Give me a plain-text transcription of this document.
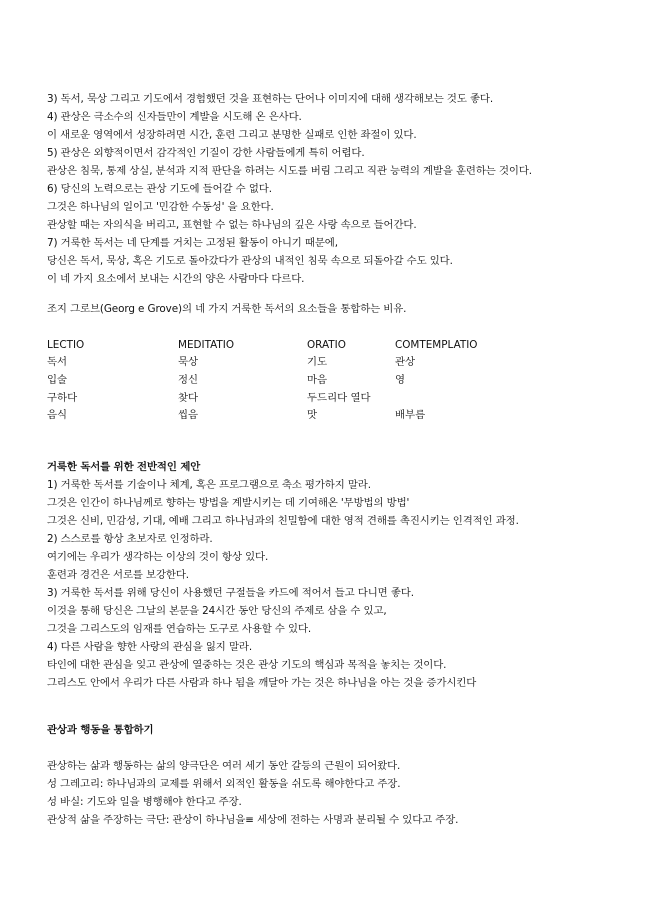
3) 독서, 묵상 그리고 기도에서 경험했던 것을 표현하는 단어나 이미지에 대해 생각해보는 것도 좋다.
4) 관상은 극소수의 신자들만이 계발을 시도해 온 은사다.
이 새로운 영역에서 성장하려면 시간, 훈련 그리고 분명한 실패로 인한 좌절이 있다.
5) 관상은 외향적이면서 감각적인 기질이 강한 사람들에게 특히 어렵다.
관상은 침묵, 통제 상실, 분석과 지적 판단을 하려는 시도를 버림 그리고 직관 능력의 계발을 훈련하는 것이다.
6) 당신의 노력으로는 관상 기도에 들어갈 수 없다.
그것은 하나님의 일이고 '민감한 수동성' 을 요한다.
관상할 때는 자의식을 버리고, 표현할 수 없는 하나님의 깊은 사랑 속으로 들어간다.
7) 거룩한 독서는 네 단계를 거치는 고정된 활동이 아니기 때문에,
당신은 독서, 묵상, 혹은 기도로 돌아갔다가 관상의 내적인 침묵 속으로 되돌아갈 수도 있다.
이 네 가지 요소에서 보내는 시간의 양은 사람마다 다르다.
조지 그로브(Georg e Grove)의 네 가지 거룩한 독서의 요소들을 통합하는 비유.
LECTIO	MEDITATIO	ORATIO	COMTEMPLATIO
독서	묵상	기도	관상
입술	정신	마음	영
구하다	찾다	두드리다 열다
음식	씹음	맛	배부름
거룩한 독서를 위한 전반적인 제안
1) 거룩한 독서를 기술이나 체계, 혹은 프로그램으로 축소 평가하지 말라.
그것은 인간이 하나님께로 향하는 방법을 계발시키는 데 기여해온 '무방법의 방법'
그것은 신비, 민감성, 기대, 예배 그리고 하나님과의 친밀함에 대한 영적 견해를 촉진시키는 인격적인 과정.
2) 스스로를 항상 초보자로 인정하라.
여기에는 우리가 생각하는 이상의 것이 항상 있다.
훈련과 경건은 서로를 보강한다.
3) 거룩한 독서를 위해 당신이 사용했던 구절들을 카드에 적어서 들고 다니면 좋다.
이것을 통해 당신은 그날의 본문을 24시간 동안 당신의 주제로 삼을 수 있고,
그것을 그리스도의 임재를 연습하는 도구로 사용할 수 있다.
4) 다른 사람을 향한 사랑의 관심을 잃지 말라.
타인에 대한 관심을 잊고 관상에 열중하는 것은 관상 기도의 핵심과 목적을 놓치는 것이다.
그리스도 안에서 우리가 다른 사람과 하나 됨을 깨달아 가는 것은 하나님을 아는 것을 증가시킨다
관상과 행동을 통합하기
관상하는 삶과 행동하는 삶의 양극단은 여러 세기 동안 갈등의 근원이 되어왔다.
성 그레고리: 하나님과의 교제를 위해서 외적인 활동을 쉬도록 해야한다고 주장.
성 바실: 기도와 일을 병행해야 한다고 주장.
관상적 삶을 주장하는 극단: 관상이 하나님을≡ 세상에 전하는 사명과 분리될 수 있다고 주장.
